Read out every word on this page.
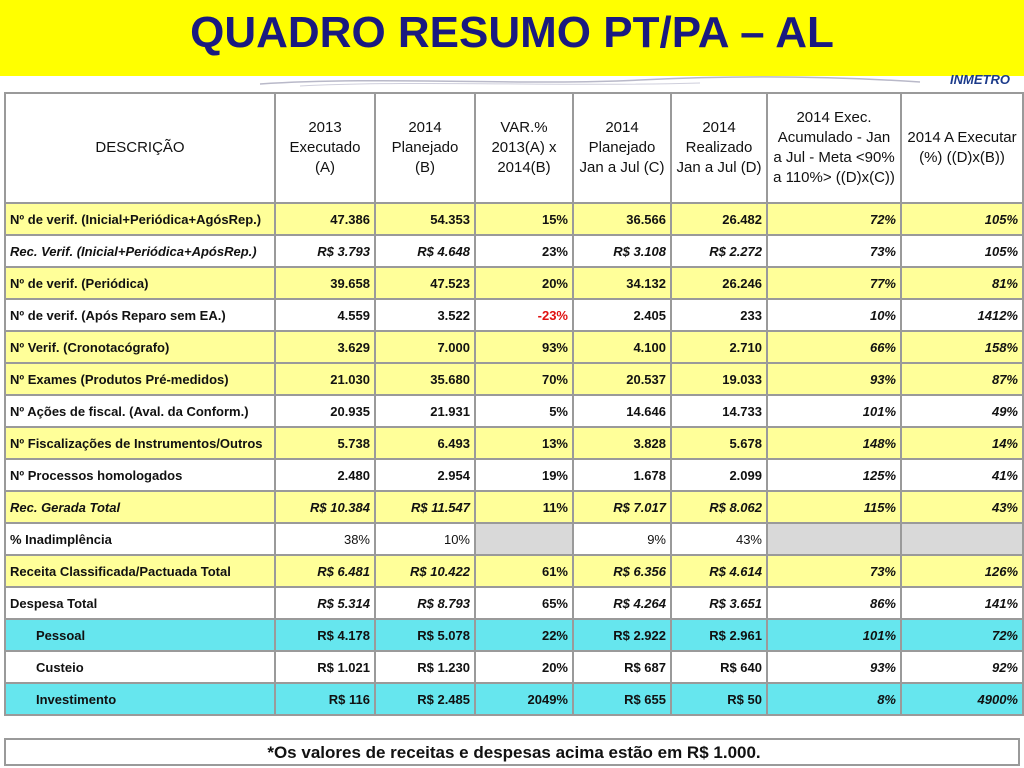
QUADRO RESUMO PT/PA – AL
INMETRO
DESCRIÇÃO	2013 Executado (A)	2014 Planejado (B)	VAR.% 2013(A) x 2014(B)	2014 Planejado Jan a Jul (C)	2014 Realizado Jan a Jul (D)	2014 Exec. Acumulado - Jan a Jul - Meta <90% a 110%> ((D)x(C))	2014 A Executar (%) ((D)x(B))
Nº de verif. (Inicial+Periódica+AgósRep.)	47.386	54.353	15%	36.566	26.482	72%	105%
Rec. Verif. (Inicial+Periódica+ApósRep.)	R$ 3.793	R$ 4.648	23%	R$ 3.108	R$ 2.272	73%	105%
Nº de verif. (Periódica)	39.658	47.523	20%	34.132	26.246	77%	81%
Nº de verif. (Após Reparo sem EA.)	4.559	3.522	-23%	2.405	233	10%	1412%
Nº Verif. (Cronotacógrafo)	3.629	7.000	93%	4.100	2.710	66%	158%
Nº Exames (Produtos Pré-medidos)	21.030	35.680	70%	20.537	19.033	93%	87%
Nº Ações de fiscal. (Aval. da Conform.)	20.935	21.931	5%	14.646	14.733	101%	49%
Nº Fiscalizações de Instrumentos/Outros	5.738	6.493	13%	3.828	5.678	148%	14%
Nº Processos homologados	2.480	2.954	19%	1.678	2.099	125%	41%
Rec. Gerada Total	R$ 10.384	R$ 11.547	11%	R$ 7.017	R$ 8.062	115%	43%
% Inadimplência	38%	10%		9%	43%		
Receita Classificada/Pactuada Total	R$ 6.481	R$ 10.422	61%	R$ 6.356	R$ 4.614	73%	126%
Despesa Total	R$ 5.314	R$ 8.793	65%	R$ 4.264	R$ 3.651	86%	141%
Pessoal	R$ 4.178	R$ 5.078	22%	R$ 2.922	R$ 2.961	101%	72%
Custeio	R$ 1.021	R$ 1.230	20%	R$ 687	R$ 640	93%	92%
Investimento	R$ 116	R$ 2.485	2049%	R$ 655	R$ 50	8%	4900%
*Os valores de receitas e despesas acima estão em R$ 1.000.
